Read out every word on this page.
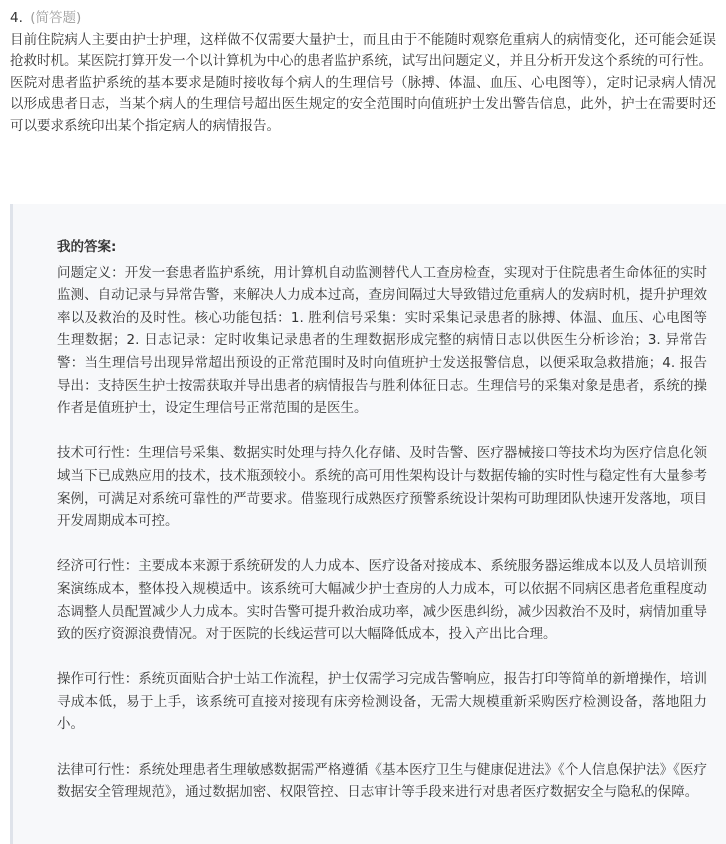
4. (简答题)

目前住院病人主要由护士护理，这样做不仅需要大量护士，而且由于不能随时观察危重病人的病情变化，还可能会延误抢救时机。某医院打算开发一个以计算机为中心的患者监护系统，试写出问题定义，并且分析开发这个系统的可行性。

医院对患者监护系统的基本要求是随时接收每个病人的生理信号（脉搏、体温、血压、心电图等），定时记录病人情况以形成患者日志，当某个病人的生理信号超出医生规定的安全范围时向值班护士发出警告信息，此外，护士在需要时还可以要求系统印出某个指定病人的病情报告。

我的答案:

问题定义：开发一套患者监护系统，用计算机自动监测替代人工查房检查，实现对于住院患者生命体征的实时监测、自动记录与异常告警，来解决人力成本过高，查房间隔过大导致错过危重病人的发病时机，提升护理效率以及救治的及时性。核心功能包括：1. 胜利信号采集：实时采集记录患者的脉搏、体温、血压、心电图等生理数据；2. 日志记录：定时收集记录患者的生理数据形成完整的病情日志以供医生分析诊治；3. 异常告警：当生理信号出现异常超出预设的正常范围时及时向值班护士发送报警信息，以便采取急救措施；4. 报告导出：支持医生护士按需获取并导出患者的病情报告与胜利体征日志。生理信号的采集对象是患者，系统的操作者是值班护士，设定生理信号正常范围的是医生。

技术可行性：生理信号采集、数据实时处理与持久化存储、及时告警、医疗器械接口等技术均为医疗信息化领域当下已成熟应用的技术，技术瓶颈较小。系统的高可用性架构设计与数据传输的实时性与稳定性有大量参考案例，可满足对系统可靠性的严苛要求。借鉴现行成熟医疗预警系统设计架构可助理团队快速开发落地，项目开发周期成本可控。

经济可行性：主要成本来源于系统研发的人力成本、医疗设备对接成本、系统服务器运维成本以及人员培训预案演练成本，整体投入规模适中。该系统可大幅减少护士查房的人力成本，可以依据不同病区患者危重程度动态调整人员配置减少人力成本。实时告警可提升救治成功率，减少医患纠纷，减少因救治不及时，病情加重导致的医疗资源浪费情况。对于医院的长线运营可以大幅降低成本，投入产出比合理。

操作可行性：系统页面贴合护士站工作流程，护士仅需学习完成告警响应，报告打印等简单的新增操作，培训寻成本低，易于上手，该系统可直接对接现有床旁检测设备，无需大规模重新采购医疗检测设备，落地阻力小。

法律可行性：系统处理患者生理敏感数据需严格遵循《基本医疗卫生与健康促进法》《个人信息保护法》《医疗数据安全管理规范》，通过数据加密、权限管控、日志审计等手段来进行对患者医疗数据安全与隐私的保障。
